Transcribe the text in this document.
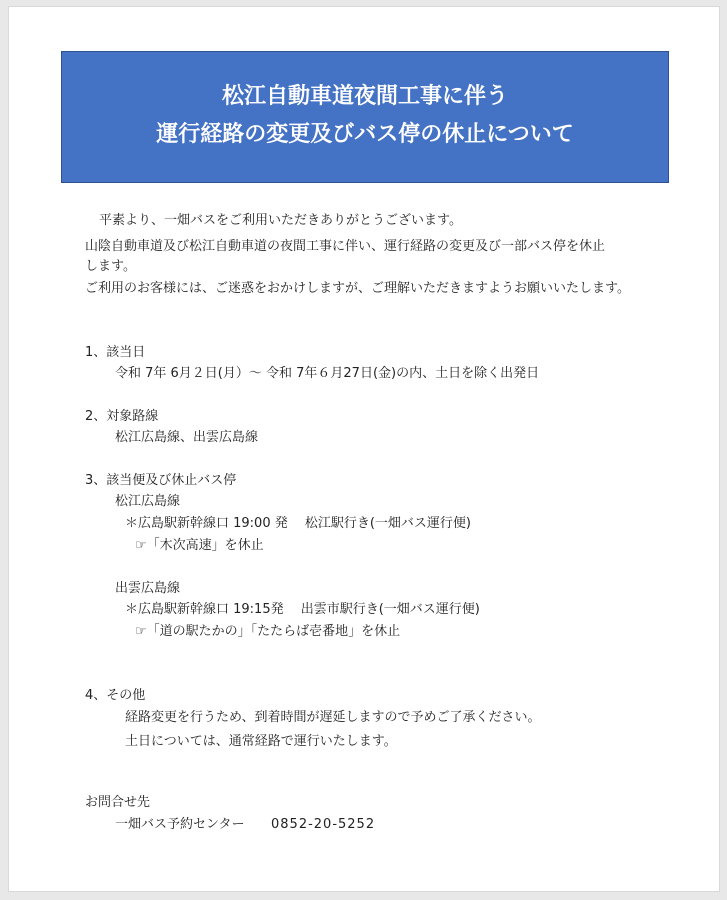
松江自動車道夜間工事に伴う
運行経路の変更及びバス停の休止について
平素より、一畑バスをご利用いただきありがとうございます。
山陰自動車道及び松江自動車道の夜間工事に伴い、運行経路の変更及び一部バス停を休止
します。
ご利用のお客様には、ご迷惑をおかけしますが、ご理解いただきますようお願いいたします。
1、該当日
令和 7年 6月２日(月）～ 令和 7年６月27日(金)の内、土日を除く出発日
2、対象路線
松江広島線、出雲広島線
3、該当便及び休止バス停
松江広島線
＊広島駅新幹線口 19:00 発　 松江駅行き(一畑バス運行便)
☞「木次高速」を休止
出雲広島線
＊広島駅新幹線口 19:15発　 出雲市駅行き(一畑バス運行便)
☞「道の駅たかの」「たたらば壱番地」を休止
4、その他
経路変更を行うため、到着時間が遅延しますので予めご了承ください。
土日については、通常経路で運行いたします。
お問合せ先
一畑バス予約センター 0852-20-5252
